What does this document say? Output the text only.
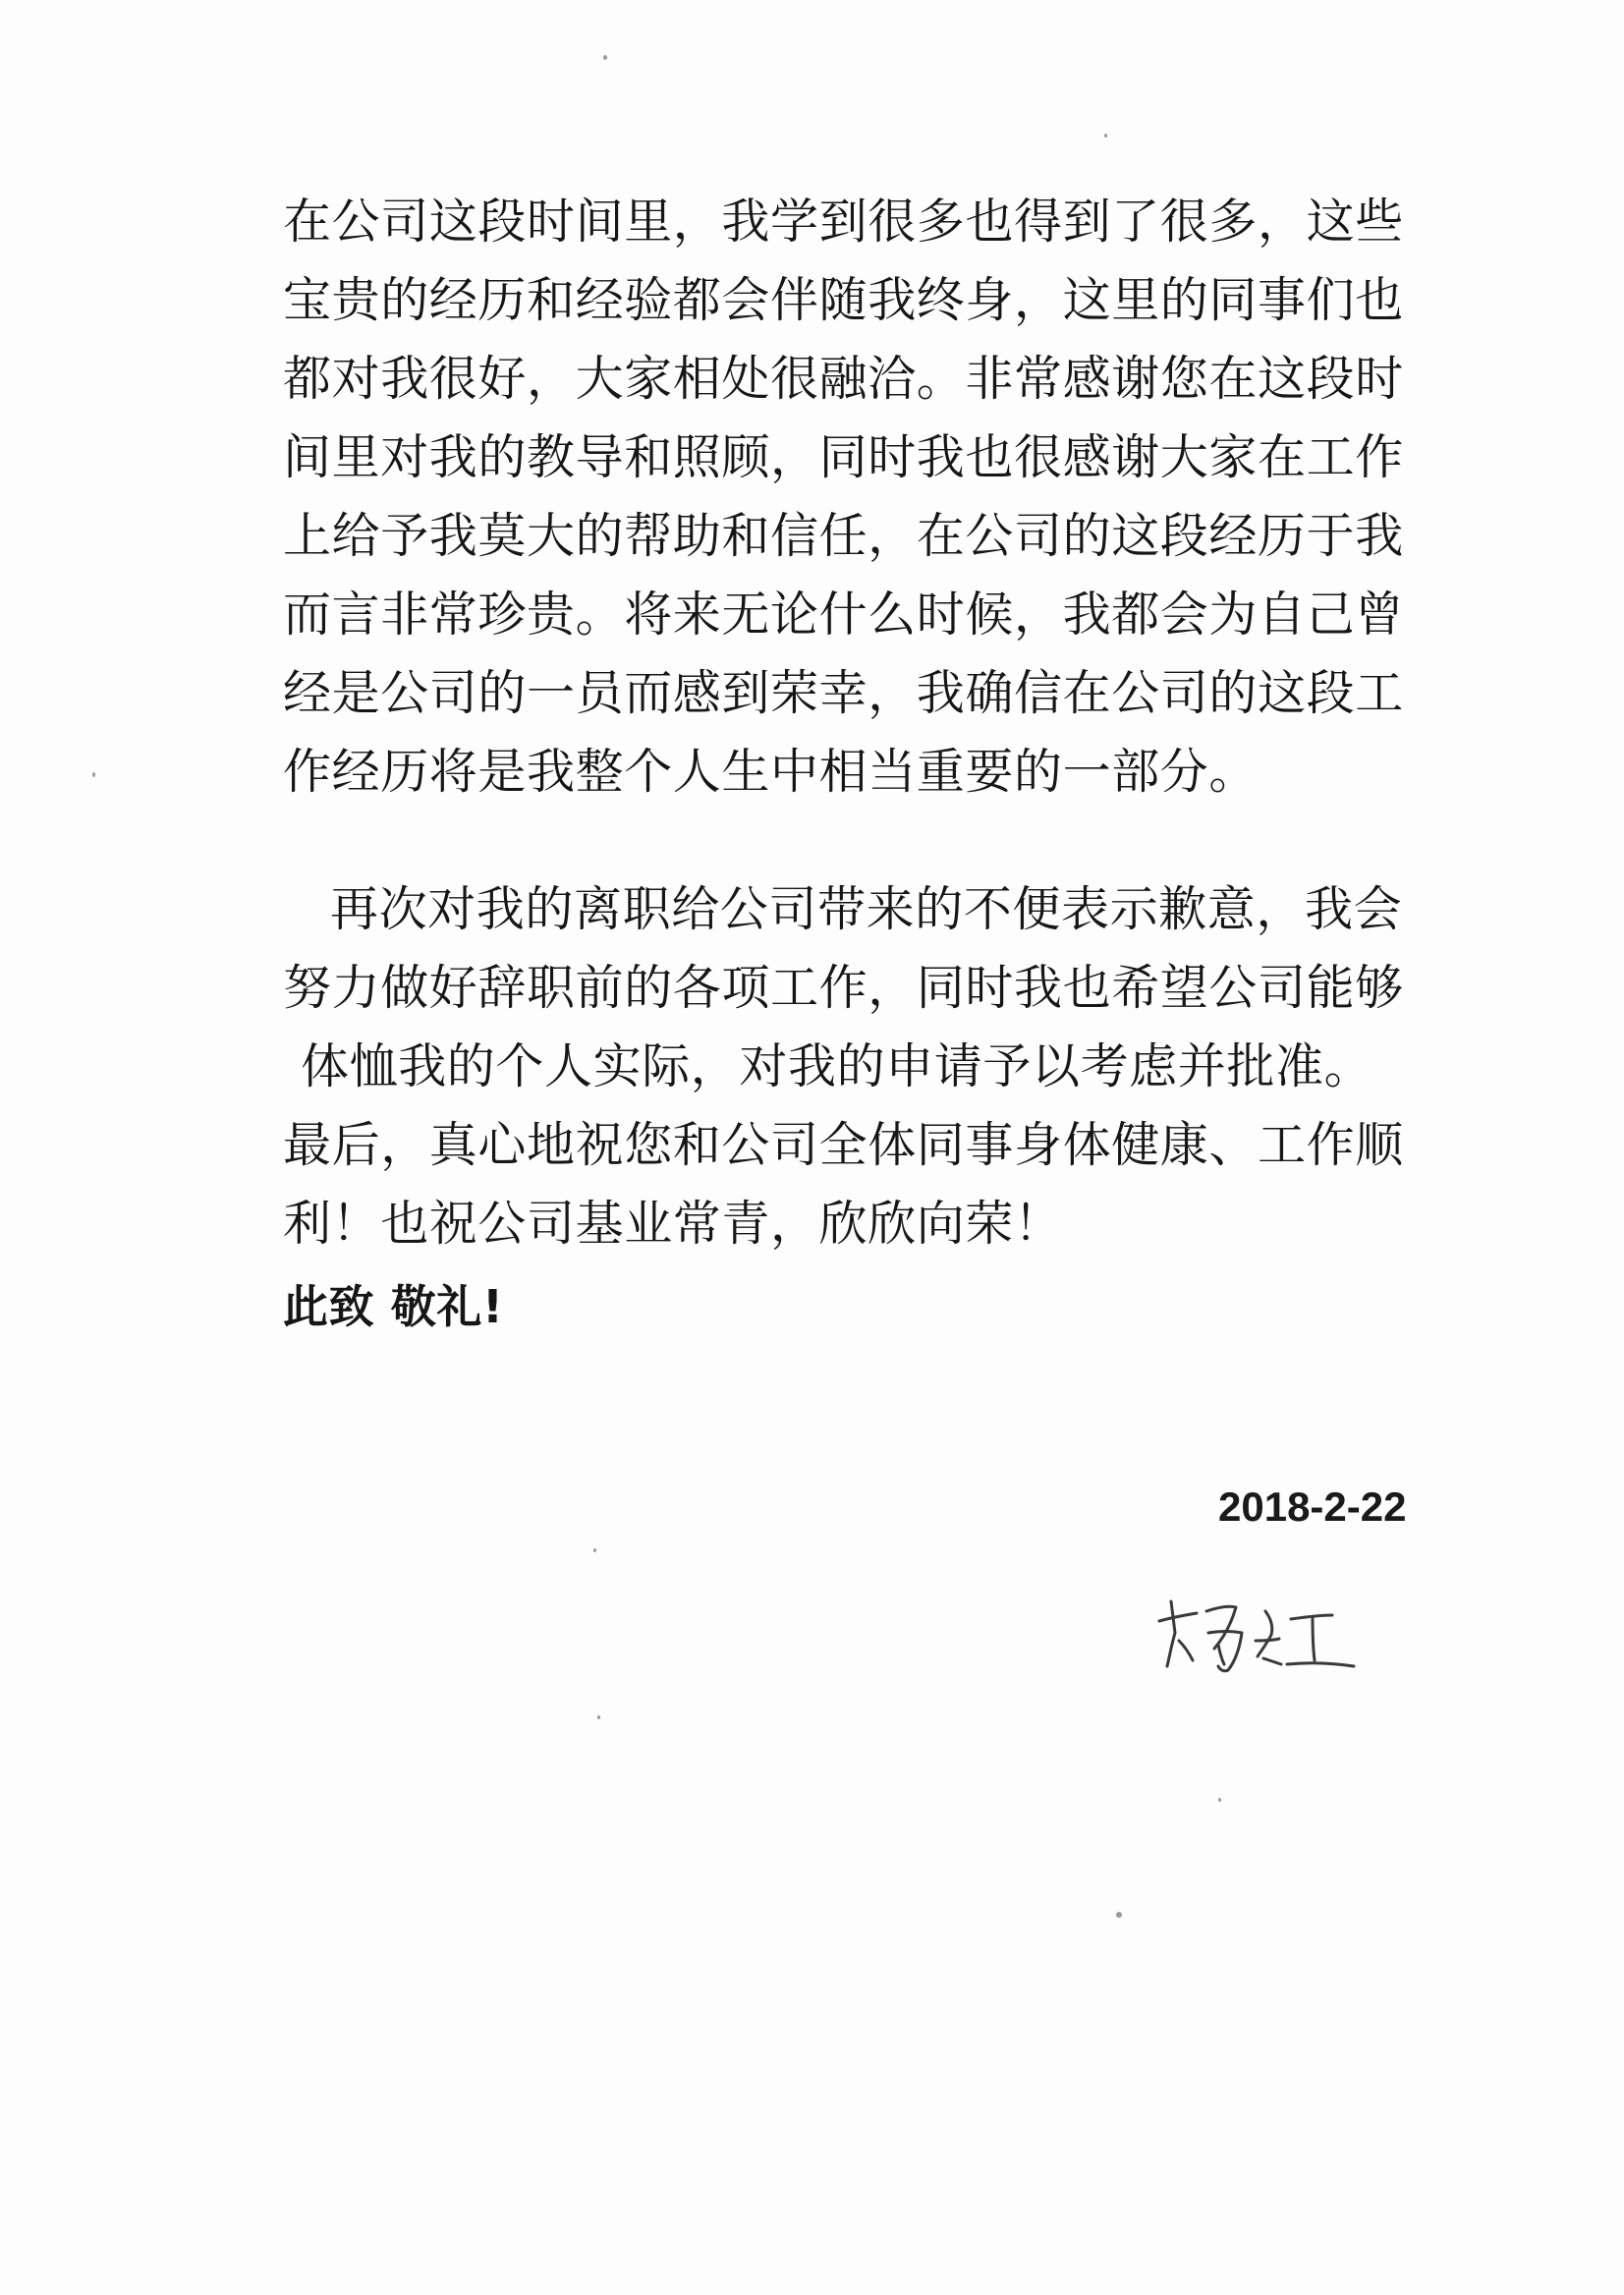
在公司这段时间里，我学到很多也得到了很多，这些
宝贵的经历和经验都会伴随我终身，这里的同事们也
都对我很好，大家相处很融洽。非常感谢您在这段时
间里对我的教导和照顾，同时我也很感谢大家在工作
上给予我莫大的帮助和信任，在公司的这段经历于我
而言非常珍贵。将来无论什么时候，我都会为自己曾
经是公司的一员而感到荣幸，我确信在公司的这段工
作经历将是我整个人生中相当重要的一部分。
再次对我的离职给公司带来的不便表示歉意，我会
努力做好辞职前的各项工作，同时我也希望公司能够
体恤我的个人实际，对我的申请予以考虑并批准。
最后，真心地祝您和公司全体同事身体健康、工作顺
利！也祝公司基业常青，欣欣向荣！
此致 敬礼!
2018-2-22
